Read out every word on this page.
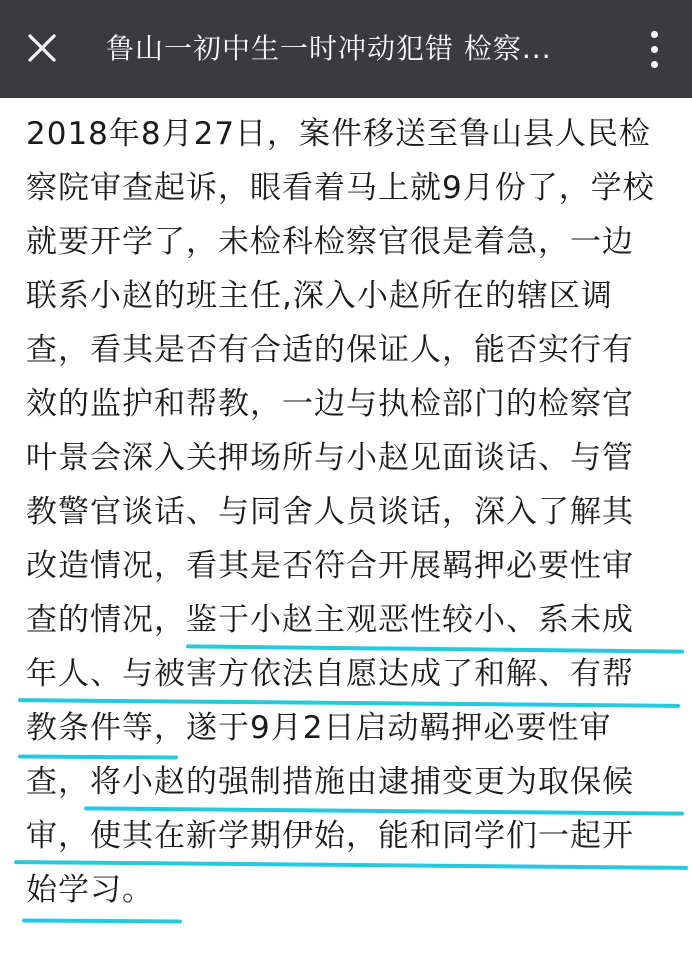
鲁山一初中生一时冲动犯错 检察...
2018年8月27日，案件移送至鲁山县人民检
察院审查起诉，眼看着马上就9月份了，学校
就要开学了，未检科检察官很是着急，一边
联系小赵的班主任,深入小赵所在的辖区调
查，看其是否有合适的保证人，能否实行有
效的监护和帮教，一边与执检部门的检察官
叶景会深入关押场所与小赵见面谈话、与管
教警官谈话、与同舍人员谈话，深入了解其
改造情况，看其是否符合开展羁押必要性审
查的情况，鉴于小赵主观恶性较小、系未成
年人、与被害方依法自愿达成了和解、有帮
教条件等，遂于9月2日启动羁押必要性审
查，将小赵的强制措施由逮捕变更为取保候
审，使其在新学期伊始，能和同学们一起开
始学习。
